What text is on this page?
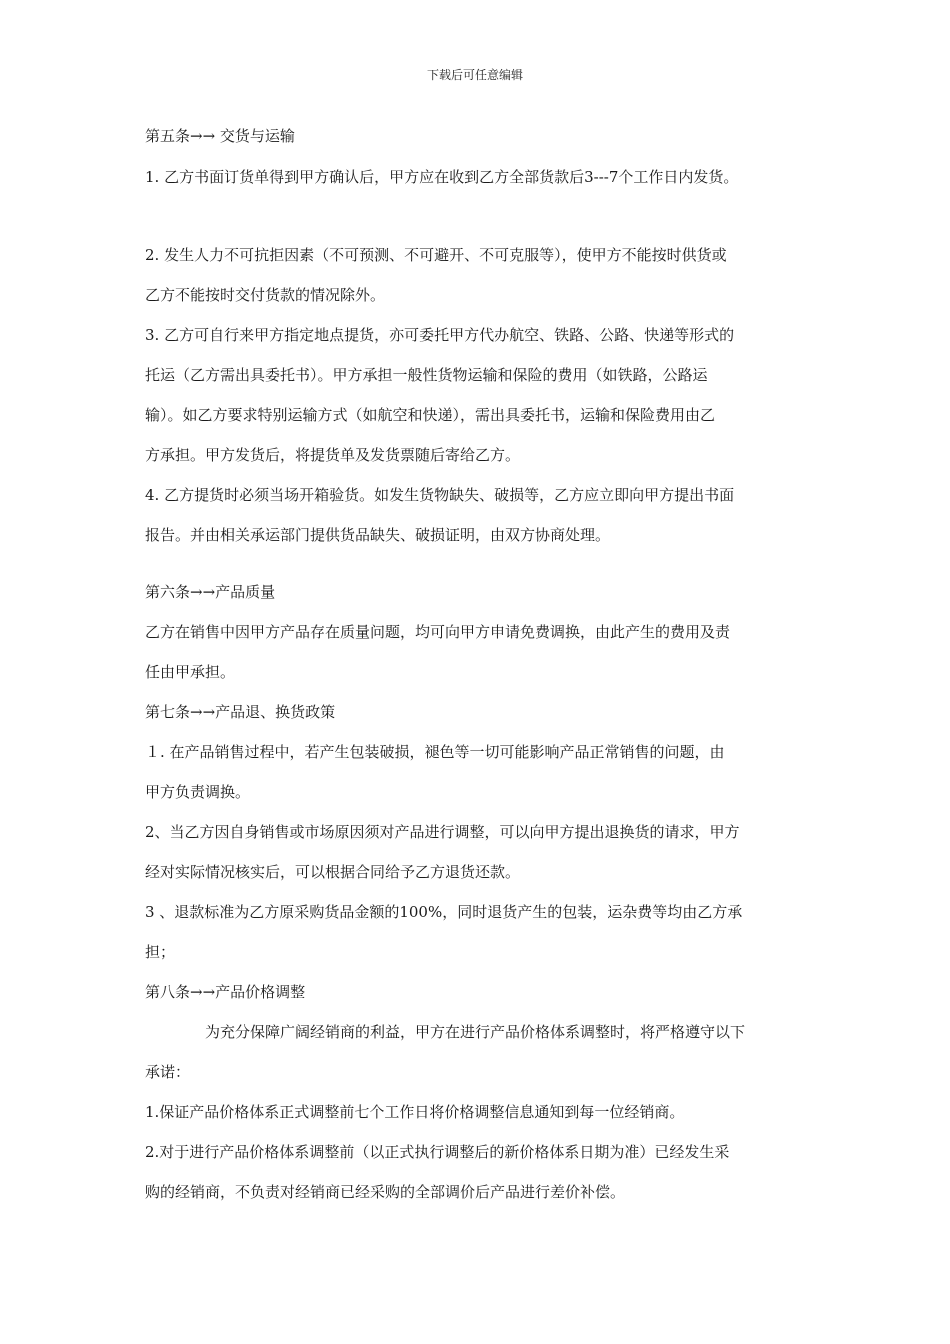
下载后可任意编辑
第五条→→ 交货与运输
1. 乙方书面订货单得到甲方确认后，甲方应在收到乙方全部货款后3---7个工作日内发货。
2. 发生人力不可抗拒因素（不可预测、不可避开、不可克服等），使甲方不能按时供货或
乙方不能按时交付货款的情况除外。
3. 乙方可自行来甲方指定地点提货，亦可委托甲方代办航空、铁路、公路、快递等形式的
托运（乙方需出具委托书）。甲方承担一般性货物运输和保险的费用（如铁路，公路运
输）。如乙方要求特别运输方式（如航空和快递），需出具委托书，运输和保险费用由乙
方承担。甲方发货后，将提货单及发货票随后寄给乙方。
4. 乙方提货时必须当场开箱验货。如发生货物缺失、破损等，乙方应立即向甲方提出书面
报告。并由相关承运部门提供货品缺失、破损证明，由双方协商处理。
第六条→→产品质量
乙方在销售中因甲方产品存在质量问题，均可向甲方申请免费调换，由此产生的费用及责
任由甲承担。
第七条→→产品退、换货政策
１. 在产品销售过程中，若产生包装破损，褪色等一切可能影响产品正常销售的问题，由
甲方负责调换。
2、当乙方因自身销售或市场原因须对产品进行调整，可以向甲方提出退换货的请求，甲方
经对实际情况核实后，可以根据合同给予乙方退货还款。
3 、退款标准为乙方原采购货品金额的100%，同时退货产生的包装，运杂费等均由乙方承
担；
第八条→→产品价格调整
为充分保障广阔经销商的利益，甲方在进行产品价格体系调整时，将严格遵守以下
承诺：
1.保证产品价格体系正式调整前七个工作日将价格调整信息通知到每一位经销商。
2.对于进行产品价格体系调整前（以正式执行调整后的新价格体系日期为准）已经发生采
购的经销商，不负责对经销商已经采购的全部调价后产品进行差价补偿。
